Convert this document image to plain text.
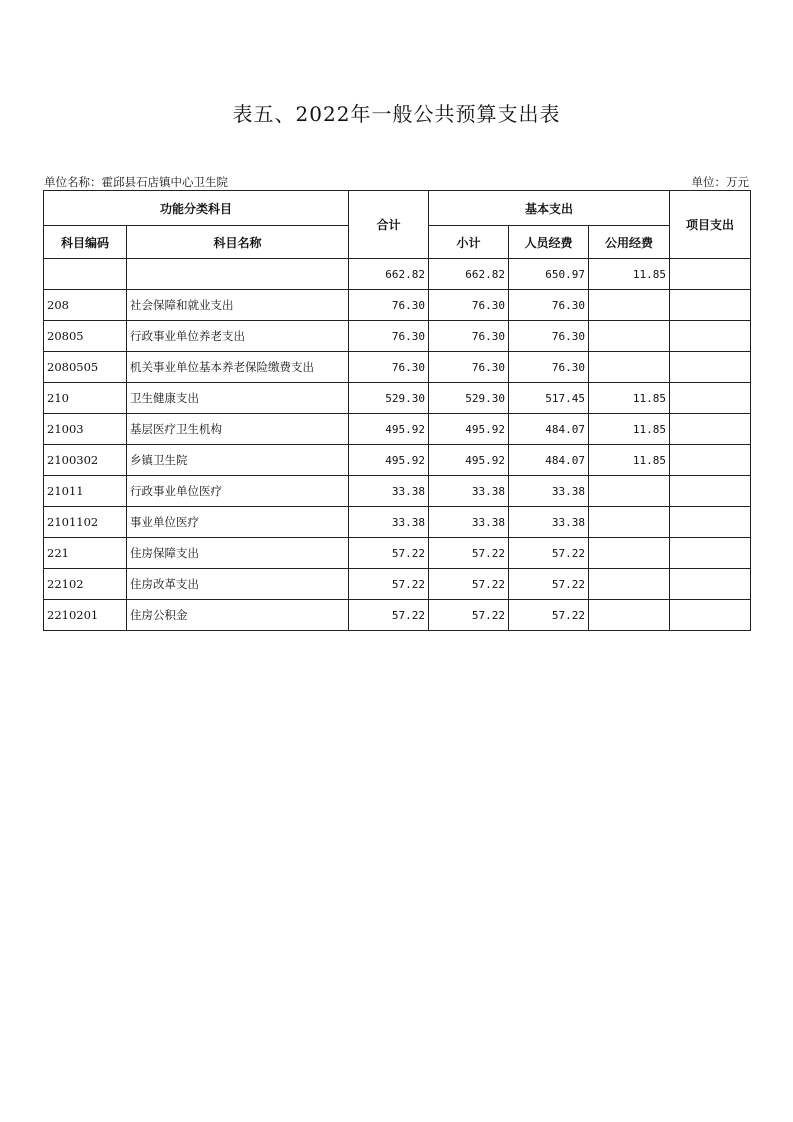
表五、2022年一般公共预算支出表
单位名称：霍邱县石店镇中心卫生院	单位：万元
功能分类科目		合计	基本支出			项目支出
科目编码	科目名称		小计	人员经费	公用经费	
		662.82	662.82	650.97	11.85	
208	社会保障和就业支出	76.30	76.30	76.30		
20805	行政事业单位养老支出	76.30	76.30	76.30		
2080505	机关事业单位基本养老保险缴费支出	76.30	76.30	76.30		
210	卫生健康支出	529.30	529.30	517.45	11.85	
21003	基层医疗卫生机构	495.92	495.92	484.07	11.85	
2100302	乡镇卫生院	495.92	495.92	484.07	11.85	
21011	行政事业单位医疗	33.38	33.38	33.38		
2101102	事业单位医疗	33.38	33.38	33.38		
221	住房保障支出	57.22	57.22	57.22		
22102	住房改革支出	57.22	57.22	57.22		
2210201	住房公积金	57.22	57.22	57.22		
